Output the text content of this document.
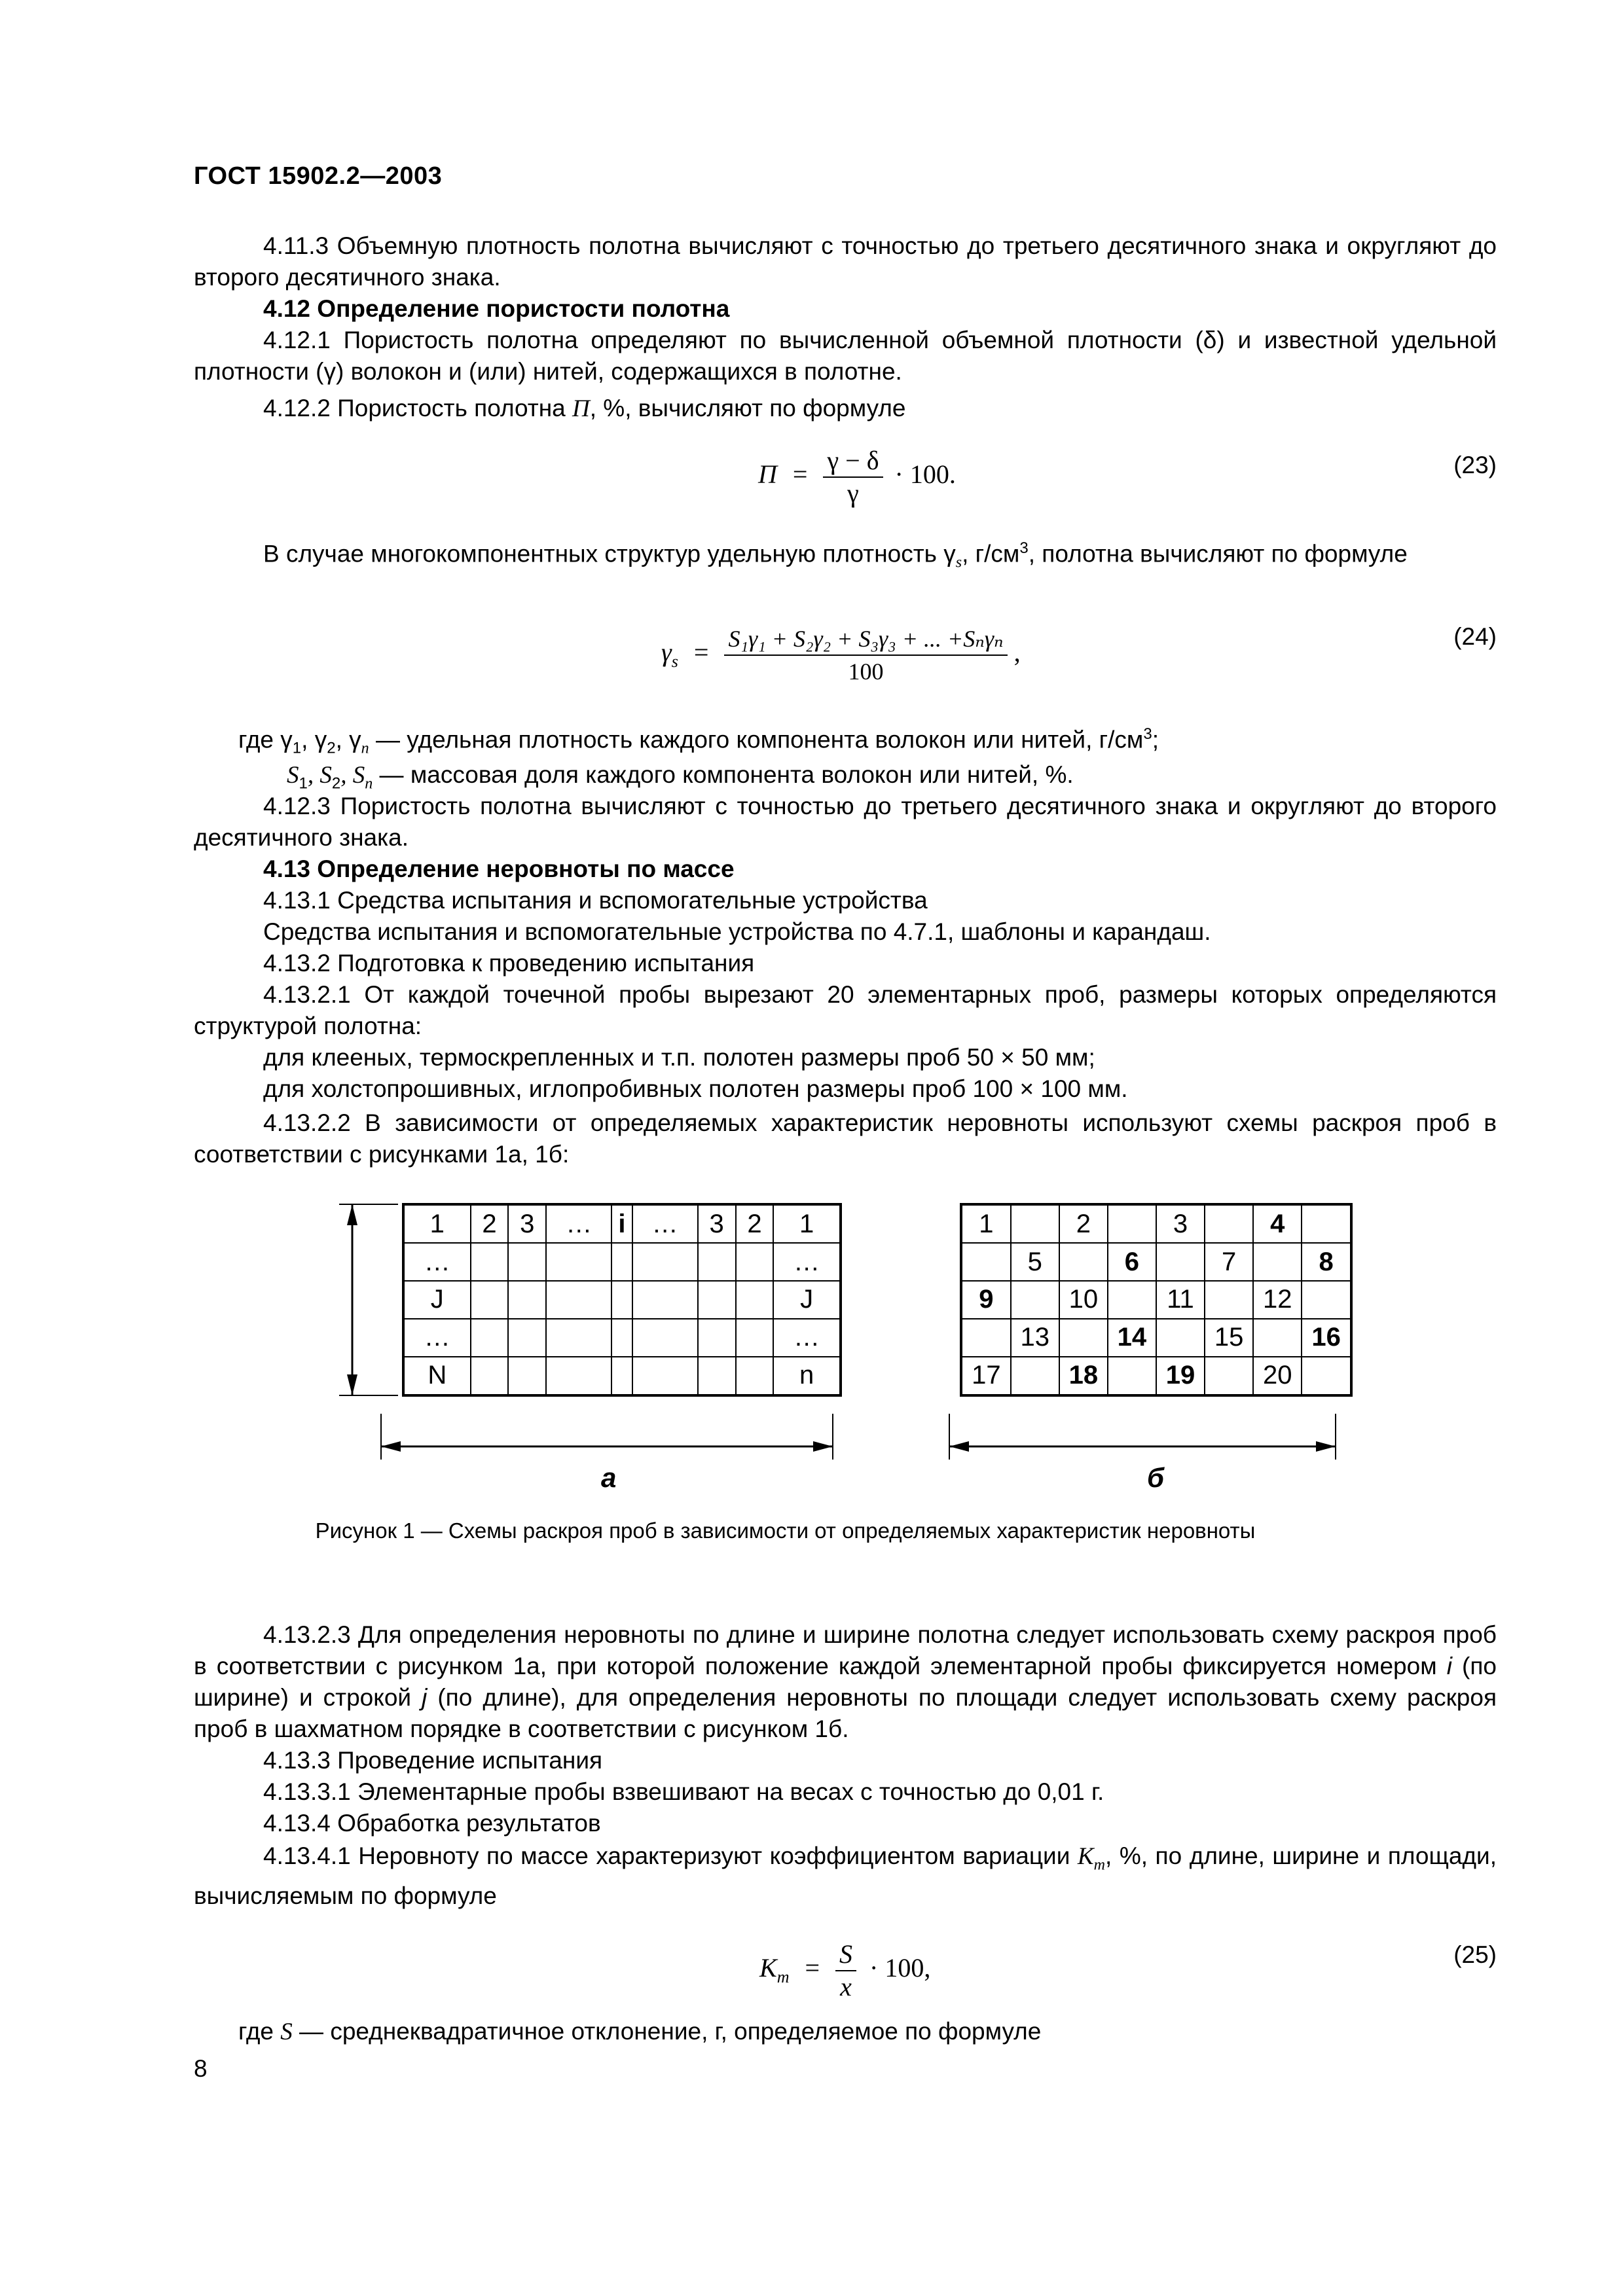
ГОСТ 15902.2—2003
4.11.3 Объемную плотность полотна вычисляют с точностью до третьего десятичного знака и округляют до второго десятичного знака.
4.12 Определение пористости полотна
4.12.1 Пористость полотна определяют по вычисленной объемной плотности (δ) и известной удельной плотности (γ) волокон и (или) нитей, содержащихся в полотне.
4.12.2 Пористость полотна П, %, вычисляют по формуле
$П = \frac{\gamma - \delta}{\gamma} \cdot 100$.	(23)
В случае многокомпонентных структур удельную плотность $\gamma_s$, $г/см^3$, полотна вычисляют по формуле
$\gamma_s = \frac{\text{S₁γ₁ + S₂γ₂ + S₃γ₃ + ... +Sₙγₙ}}{100}$ ,
(24)
где $\gamma_1$, $\gamma_2$, $\gamma_n$ — удельная плотность каждого компонента волокон или нитей, $г/см^3$;
$S_1$, $S_2$, $S_n$ — массовая доля каждого компонента волокон или нитей, %.
4.12.3 Пористость полотна вычисляют с точностью до третьего десятичного знака и округляют до второго десятичного знака.
4.13 Определение неровноты по массе
4.13.1 Средства испытания и вспомогательные устройства
Средства испытания и вспомогательные устройства по 4.7.1, шаблоны и карандаш.
4.13.2 Подготовка к проведению испытания
4.13.2.1 От каждой точечной пробы вырезают 20 элементарных проб, размеры которых определяются структурой полотна:
для клееных, термоскрепленных и т.п. полотен размеры проб 50 × 50 мм;
для холстопрошивных, иглопробивных полотен размеры проб 100 × 100 мм.
4.13.2.2 В зависимости от определяемых характеристик неровноты используют схемы раскроя проб в соответствии с рисунками 1а, 1б:
1	2	3	…	i	…	3	2	1
…								…
J								J
…								…
N								n
1		2		3		4	
	5		6		7		8
9		10		11		12	
	13		14		15		16
17		18		19		20	
а	б
Рисунок 1 — Схемы раскроя проб в зависимости от определяемых характеристик неровноты
4.13.2.3 Для определения неровноты по длине и ширине полотна следует использовать схему раскроя проб в соответствии с рисунком 1а, при которой положение каждой элементарной пробы фиксируется номером i (по ширине) и строкой j (по длине), для определения неровноты по площади следует использовать схему раскроя проб в шахматном порядке в соответствии с рисунком 1б.
4.13.3 Проведение испытания
4.13.3.1 Элементарные пробы взвешивают на весах с точностью до 0,01 г.
4.13.4 Обработка результатов
4.13.4.1 Неровноту по массе характеризуют коэффициентом вариации $K_m$, %, по длине, ширине и площади, вычисляемым по формуле
$K_m = \frac{S}{x} \cdot 100$,	(25)
где S — среднеквадратичное отклонение, г, определяемое по формуле
8
